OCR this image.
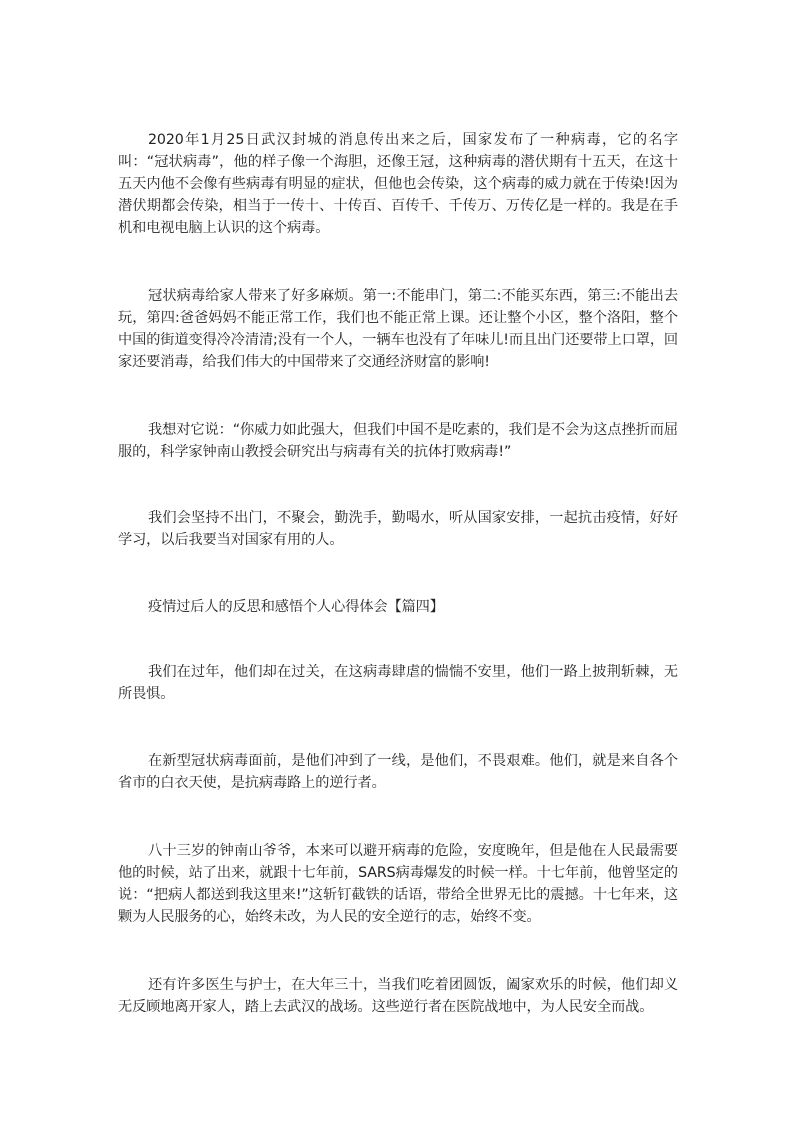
2020年1月25日武汉封城的消息传出来之后，国家发布了一种病毒，它的名字叫：“冠状病毒”，他的样子像一个海胆，还像王冠，这种病毒的潜伏期有十五天，在这十五天内他不会像有些病毒有明显的症状，但他也会传染，这个病毒的威力就在于传染!因为潜伏期都会传染，相当于一传十、十传百、百传千、千传万、万传亿是一样的。我是在手机和电视电脑上认识的这个病毒。

冠状病毒给家人带来了好多麻烦。第一:不能串门，第二:不能买东西，第三:不能出去玩，第四:爸爸妈妈不能正常工作，我们也不能正常上课。还让整个小区，整个洛阳，整个中国的街道变得冷冷清清;没有一个人，一辆车也没有了年味儿!而且出门还要带上口罩，回家还要消毒，给我们伟大的中国带来了交通经济财富的影响!

我想对它说：“你威力如此强大，但我们中国不是吃素的，我们是不会为这点挫折而屈服的，科学家钟南山教授会研究出与病毒有关的抗体打败病毒!”

我们会坚持不出门，不聚会，勤洗手，勤喝水，听从国家安排，一起抗击疫情，好好学习，以后我要当对国家有用的人。

疫情过后人的反思和感悟个人心得体会【篇四】

我们在过年，他们却在过关，在这病毒肆虐的惴惴不安里，他们一路上披荆斩棘，无所畏惧。

在新型冠状病毒面前，是他们冲到了一线，是他们，不畏艰难。他们，就是来自各个省市的白衣天使，是抗病毒路上的逆行者。

八十三岁的钟南山爷爷，本来可以避开病毒的危险，安度晚年，但是他在人民最需要他的时候，站了出来，就跟十七年前，SARS病毒爆发的时候一样。十七年前，他曾坚定的说：“把病人都送到我这里来!”这斩钉截铁的话语，带给全世界无比的震撼。十七年来，这颗为人民服务的心，始终未改，为人民的安全逆行的志，始终不变。

还有许多医生与护士，在大年三十，当我们吃着团圆饭，阖家欢乐的时候，他们却义无反顾地离开家人，踏上去武汉的战场。这些逆行者在医院战地中，为人民安全而战。
